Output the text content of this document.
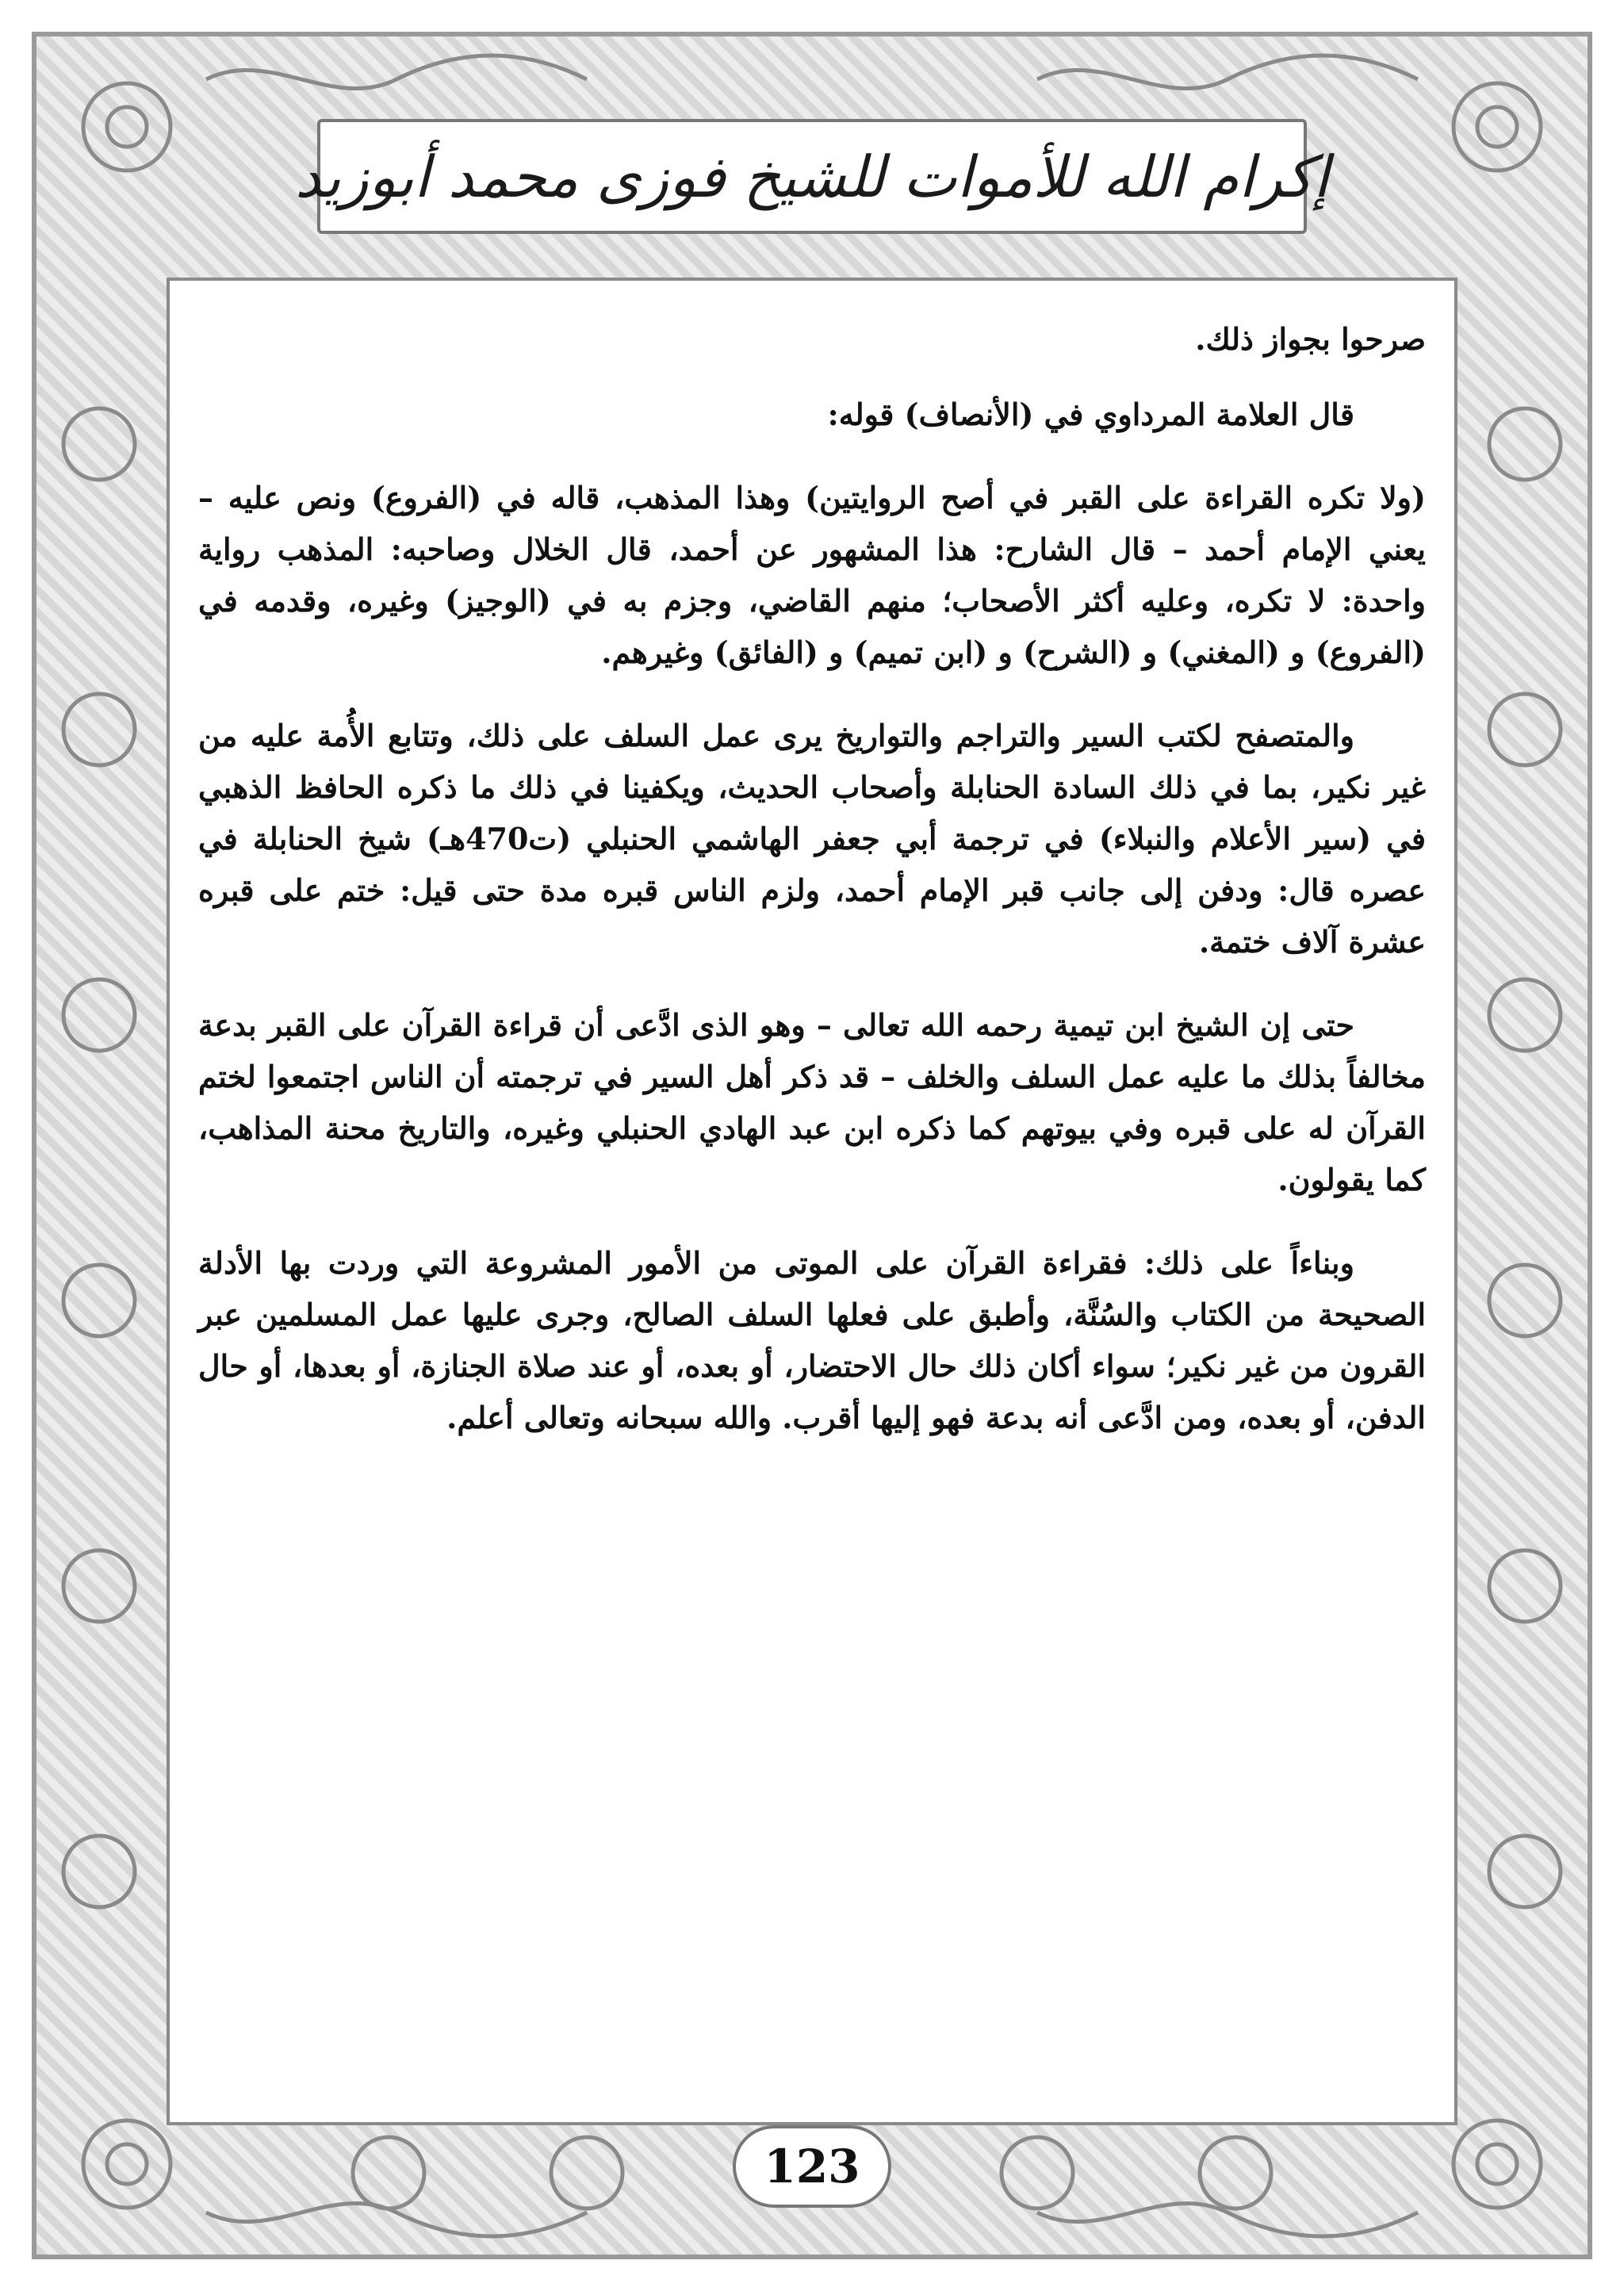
إكرام الله للأموات للشيخ فوزى محمد أبوزيد

صرحوا بجواز ذلك.

قال العلامة المرداوي في (الأنصاف) قوله:

(ولا تكره القراءة على القبر في أصح الروايتين) وهذا المذهب، قاله في (الفروع) ونص عليه – يعني الإمام أحمد – قال الشارح: هذا المشهور عن أحمد، قال الخلال وصاحبه: المذهب رواية واحدة: لا تكره، وعليه أكثر الأصحاب؛ منهم القاضي، وجزم به في (الوجيز) وغيره، وقدمه في (الفروع) و (المغني) و (الشرح) و (ابن تميم) و (الفائق) وغيرهم.

والمتصفح لكتب السير والتراجم والتواريخ يرى عمل السلف على ذلك، وتتابع الأُمة عليه من غير نكير، بما في ذلك السادة الحنابلة وأصحاب الحديث، ويكفينا في ذلك ما ذكره الحافظ الذهبي في (سير الأعلام والنبلاء) في ترجمة أبي جعفر الهاشمي الحنبلي (ت470هـ) شيخ الحنابلة في عصره قال: ودفن إلى جانب قبر الإمام أحمد، ولزم الناس قبره مدة حتى قيل: ختم على قبره عشرة آلاف ختمة.

حتى إن الشيخ ابن تيمية رحمه الله تعالى – وهو الذى ادَّعى أن قراءة القرآن على القبر بدعة مخالفاً بذلك ما عليه عمل السلف والخلف – قد ذكر أهل السير في ترجمته أن الناس اجتمعوا لختم القرآن له على قبره وفي بيوتهم كما ذكره ابن عبد الهادي الحنبلي وغيره، والتاريخ محنة المذاهب، كما يقولون.

وبناءاً على ذلك: فقراءة القرآن على الموتى من الأمور المشروعة التي وردت بها الأدلة الصحيحة من الكتاب والسُنَّة، وأطبق على فعلها السلف الصالح، وجرى عليها عمل المسلمين عبر القرون من غير نكير؛ سواء أكان ذلك حال الاحتضار، أو بعده، أو عند صلاة الجنازة، أو بعدها، أو حال الدفن، أو بعده، ومن ادَّعى أنه بدعة فهو إليها أقرب. والله سبحانه وتعالى أعلم.

123
